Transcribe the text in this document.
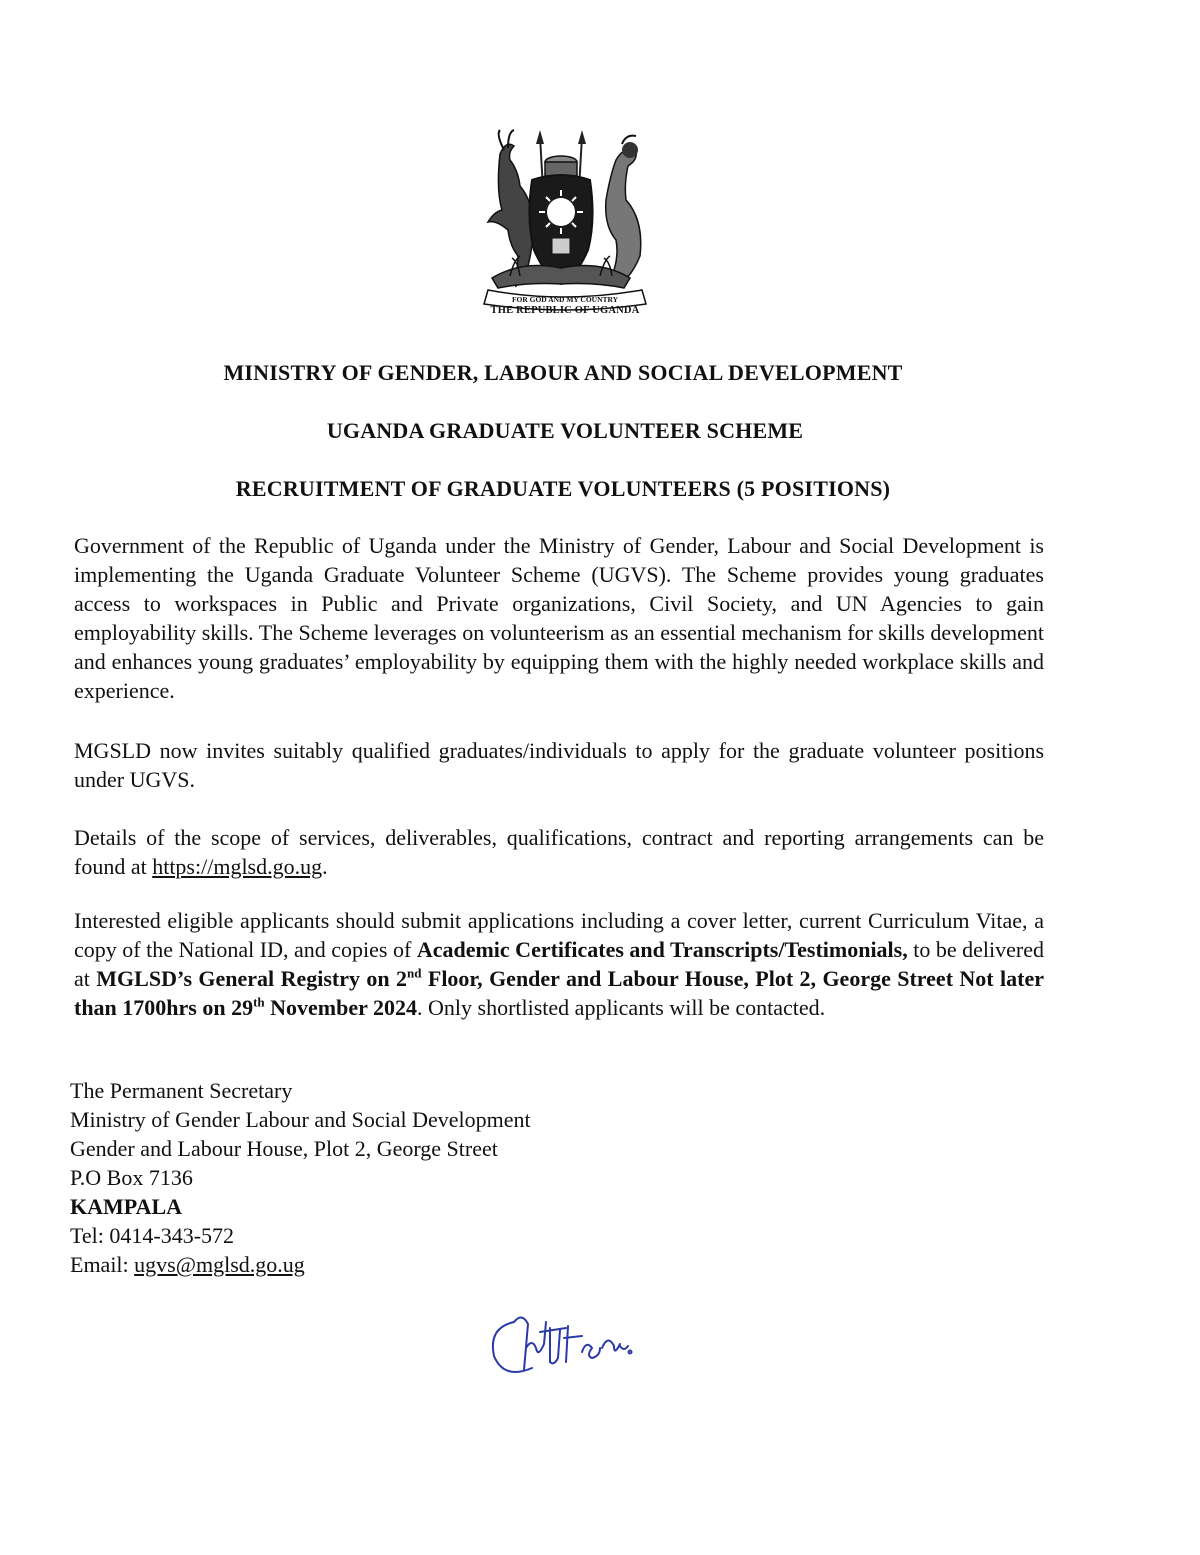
FOR GOD AND MY COUNTRY
THE REPUBLIC OF UGANDA
MINISTRY OF GENDER, LABOUR AND SOCIAL DEVELOPMENT
UGANDA GRADUATE VOLUNTEER SCHEME
RECRUITMENT OF GRADUATE VOLUNTEERS (5 POSITIONS)
Government of the Republic of Uganda under the Ministry of Gender, Labour and Social Development is implementing the Uganda Graduate Volunteer Scheme (UGVS). The Scheme provides young graduates access to workspaces in Public and Private organizations, Civil Society, and UN Agencies to gain employability skills. The Scheme leverages on volunteerism as an essential mechanism for skills development and enhances young graduates’ employability by equipping them with the highly needed workplace skills and experience.
MGSLD now invites suitably qualified graduates/individuals to apply for the graduate volunteer positions under UGVS.
Details of the scope of services, deliverables, qualifications, contract and reporting arrangements can be found at https://mglsd.go.ug.
Interested eligible applicants should submit applications including a cover letter, current Curriculum Vitae, a copy of the National ID, and copies of Academic Certificates and Transcripts/Testimonials, to be delivered at MGLSD’s General Registry on 2nd Floor, Gender and Labour House, Plot 2, George Street Not later than 1700hrs on 29th November 2024. Only shortlisted applicants will be contacted.
The Permanent Secretary
Ministry of Gender Labour and Social Development
Gender and Labour House, Plot 2, George Street
P.O Box 7136
KAMPALA
Tel: 0414-343-572
Email: ugvs@mglsd.go.ug
